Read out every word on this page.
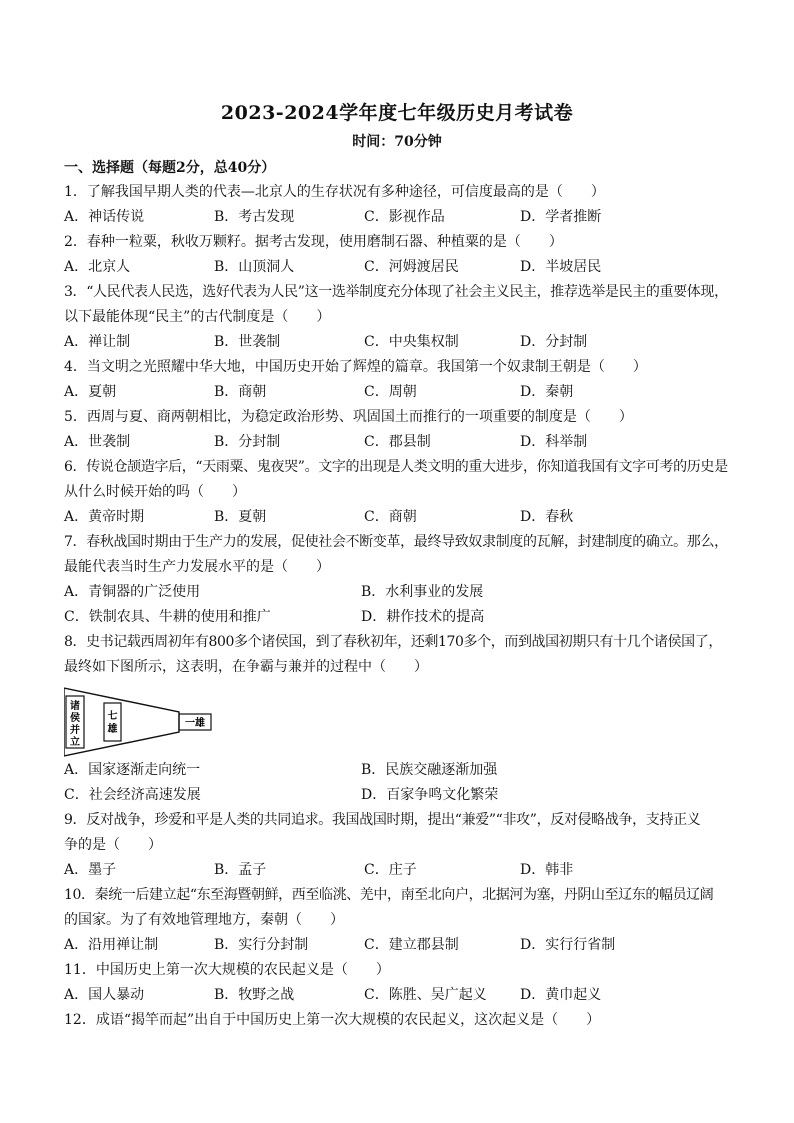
2023-2024学年度七年级历史月考试卷
时间：70分钟
一、选择题（每题2分，总40分）
1．了解我国早期人类的代表—北京人的生存状况有多种途径，可信度最高的是（　　）
A．神话传说	B．考古发现	C．影视作品	D．学者推断
2．春种一粒粟，秋收万颗籽。据考古发现，使用磨制石器、种植粟的是（　　）
A．北京人	B．山顶洞人	C．河姆渡居民	D．半坡居民
3．“人民代表人民选，选好代表为人民”这一选举制度充分体现了社会主义民主，推荐选举是民主的重要体现，
以下最能体现“民主”的古代制度是（　　）
A．禅让制	B．世袭制	C．中央集权制	D．分封制
4．当文明之光照耀中华大地，中国历史开始了辉煌的篇章。我国第一个奴隶制王朝是（　　）
A．夏朝	B．商朝	C．周朝	D．秦朝
5．西周与夏、商两朝相比，为稳定政治形势、巩固国土而推行的一项重要的制度是（　　）
A．世袭制	B．分封制	C．郡县制	D．科举制
6．传说仓颉造字后，“天雨粟、鬼夜哭”。文字的出现是人类文明的重大进步，你知道我国有文字可考的历史是
从什么时候开始的吗（　　）
A．黄帝时期	B．夏朝	C．商朝	D．春秋
7．春秋战国时期由于生产力的发展，促使社会不断变革，最终导致奴隶制度的瓦解，封建制度的确立。那么，
最能代表当时生产力发展水平的是（　　）
A．青铜器的广泛使用	B．水利事业的发展
C．铁制农具、牛耕的使用和推广	D．耕作技术的提高
8．史书记载西周初年有800多个诸侯国，到了春秋初年，还剩170多个，而到战国初期只有十几个诸侯国了，
最终如下图所示，这表明，在争霸与兼并的过程中（　　）
诸
侯
并
立
七
雄
一雄
A．国家逐渐走向统一	B．民族交融逐渐加强
C．社会经济高速发展	D．百家争鸣文化繁荣
9．反对战争，珍爱和平是人类的共同追求。我国战国时期，提出“兼爱”“非攻”，反对侵略战争，支持正义
争的是（　　）
A．墨子	B．孟子	C．庄子	D．韩非
10．秦统一后建立起“东至海暨朝鲜，西至临洮、羌中，南至北向户，北据河为塞，丹阴山至辽东的幅员辽阔
的国家。为了有效地管理地方，秦朝（　　）
A．沿用禅让制	B．实行分封制	C．建立郡县制	D．实行行省制
11．中国历史上第一次大规模的农民起义是（　　）
A．国人暴动	B．牧野之战	C．陈胜、吴广起义 D．黄巾起义
12．成语“揭竿而起”出自于中国历史上第一次大规模的农民起义，这次起义是（　　）
